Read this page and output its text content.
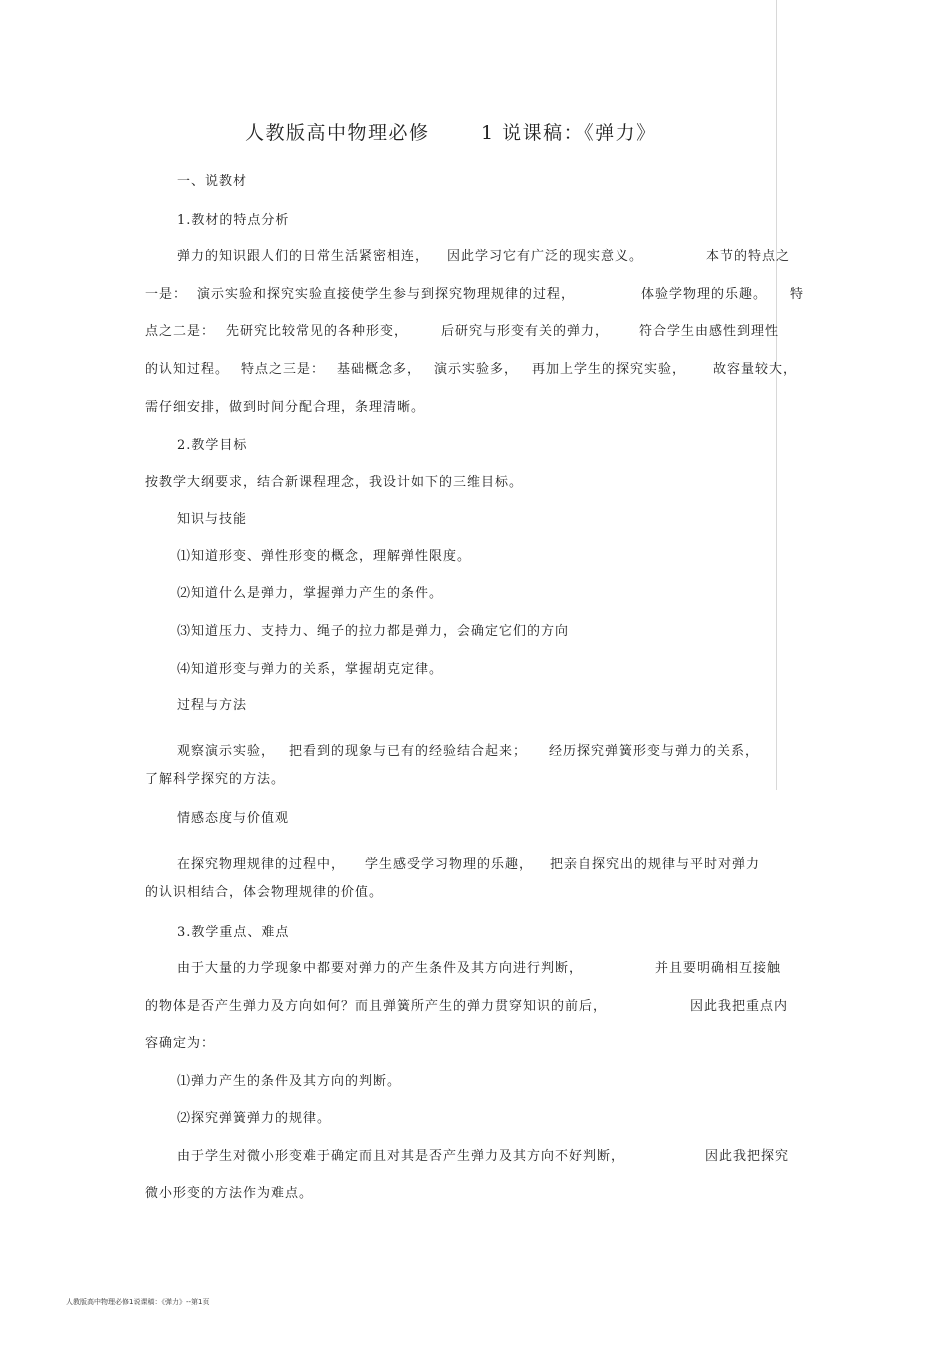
人教版高中物理必修	1 说课稿：《弹力》
一、说教材
1.教材的特点分析
弹力的知识跟人们的日常生活紧密相连， 因此学习它有广泛的现实意义。	本节的特点之
一是： 演示实验和探究实验直接使学生参与到探究物理规律的过程，	体验学物理的乐趣。 特
点之二是： 先研究比较常见的各种形变，	后研究与形变有关的弹力， 符合学生由感性到理性
的认知过程。 特点之三是： 基础概念多， 演示实验多， 再加上学生的探究实验， 故容量较大，
需仔细安排，做到时间分配合理，条理清晰。
2.教学目标
按教学大纲要求，结合新课程理念，我设计如下的三维目标。
知识与技能
⑴知道形变、弹性形变的概念，理解弹性限度。
⑵知道什么是弹力，掌握弹力产生的条件。
⑶知道压力、支持力、绳子的拉力都是弹力，会确定它们的方向
⑷知道形变与弹力的关系，掌握胡克定律。
过程与方法
观察演示实验， 把看到的现象与已有的经验结合起来； 经历探究弹簧形变与弹力的关系，
了解科学探究的方法。
情感态度与价值观
在探究物理规律的过程中， 学生感受学习物理的乐趣， 把亲自探究出的规律与平时对弹力
的认识相结合，体会物理规律的价值。
3.教学重点、难点
由于大量的力学现象中都要对弹力的产生条件及其方向进行判断，	并且要明确相互接触
的物体是否产生弹力及方向如何？而且弹簧所产生的弹力贯穿知识的前后，	因此我把重点内
容确定为：
⑴弹力产生的条件及其方向的判断。
⑵探究弹簧弹力的规律。
由于学生对微小形变难于确定而且对其是否产生弹力及其方向不好判断，	因此我把探究
微小形变的方法作为难点。
人教版高中物理必修1说课稿：《弹力》--第1页
